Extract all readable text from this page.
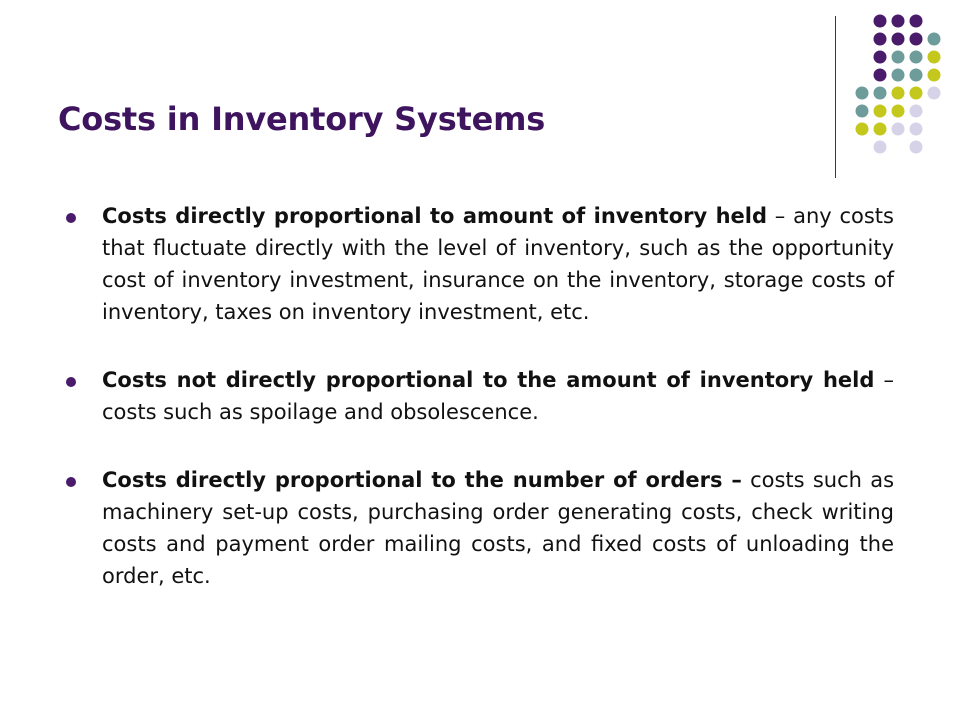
Costs in Inventory Systems
Costs directly proportional to amount of inventory held – any costs that fluctuate directly with the level of inventory, such as the opportunity cost of inventory investment, insurance on the inventory, storage costs of inventory, taxes on inventory investment, etc.
Costs not directly proportional to the amount of inventory held – costs such as spoilage and obsolescence.
Costs directly proportional to the number of orders – costs such as machinery set-up costs, purchasing order generating costs, check writing costs and payment order mailing costs, and fixed costs of unloading the order, etc.
